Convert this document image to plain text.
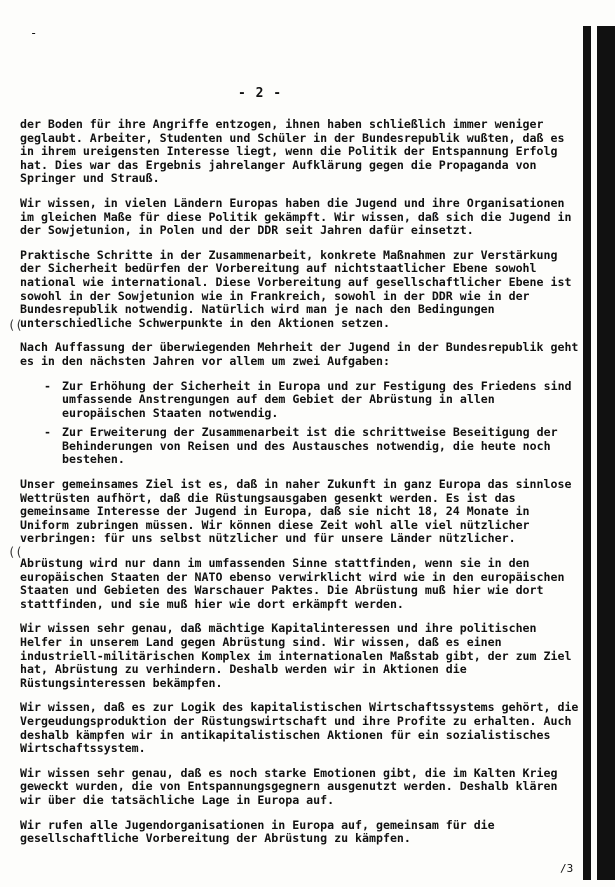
-
- 2 -
((
((

der Boden für ihre Angriffe entzogen, ihnen haben schließlich immer weniger geglaubt. Arbeiter, Studenten und Schüler in der Bundesrepublik wußten, daß es in ihrem ureigensten Interesse liegt, wenn die Politik der Entspannung Erfolg hat. Dies war das Ergebnis jahrelanger Aufklärung gegen die Propaganda von Springer und Strauß.

Wir wissen, in vielen Ländern Europas haben die Jugend und ihre Organisationen im gleichen Maße für diese Politik gekämpft. Wir wissen, daß sich die Jugend in der Sowjetunion, in Polen und der DDR seit Jahren dafür einsetzt.

Praktische Schritte in der Zusammenarbeit, konkrete Maßnahmen zur Verstärkung der Sicherheit bedürfen der Vorbereitung auf nichtstaatlicher Ebene sowohl national wie international. Diese Vorbereitung auf gesellschaftlicher Ebene ist sowohl in der Sowjetunion wie in Frankreich, sowohl in der DDR wie in der Bundesrepublik notwendig. Natürlich wird man je nach den Bedingungen unterschiedliche Schwerpunkte in den Aktionen setzen.

Nach Auffassung der überwiegenden Mehrheit der Jugend in der Bundesrepublik geht es in den nächsten Jahren vor allem um zwei Aufgaben:

- Zur Erhöhung der Sicherheit in Europa und zur Festigung des Friedens sind umfassende Anstrengungen auf dem Gebiet der Abrüstung in allen europäischen Staaten notwendig.
- Zur Erweiterung der Zusammenarbeit ist die schrittweise Beseitigung der Behinderungen von Reisen und des Austausches notwendig, die heute noch bestehen.

Unser gemeinsames Ziel ist es, daß in naher Zukunft in ganz Europa das sinnlose Wettrüsten aufhört, daß die Rüstungsausgaben gesenkt werden. Es ist das gemeinsame Interesse der Jugend in Europa, daß sie nicht 18, 24 Monate in Uniform zubringen müssen. Wir können diese Zeit wohl alle viel nützlicher verbringen: für uns selbst nützlicher und für unsere Länder nützlicher.

Abrüstung wird nur dann im umfassenden Sinne stattfinden, wenn sie in den europäischen Staaten der NATO ebenso verwirklicht wird wie in den europäischen Staaten und Gebieten des Warschauer Paktes. Die Abrüstung muß hier wie dort stattfinden, und sie muß hier wie dort erkämpft werden.

Wir wissen sehr genau, daß mächtige Kapitalinteressen und ihre politischen Helfer in unserem Land gegen Abrüstung sind. Wir wissen, daß es einen industriell-militärischen Komplex im internationalen Maßstab gibt, der zum Ziel hat, Abrüstung zu verhindern. Deshalb werden wir in Aktionen die Rüstungsinteressen bekämpfen.

Wir wissen, daß es zur Logik des kapitalistischen Wirtschaftssystems gehört, die Vergeudungsproduktion der Rüstungswirtschaft und ihre Profite zu erhalten. Auch deshalb kämpfen wir in antikapitalistischen Aktionen für ein sozialistisches Wirtschaftssystem.

Wir wissen sehr genau, daß es noch starke Emotionen gibt, die im Kalten Krieg geweckt wurden, die von Entspannungsgegnern ausgenutzt werden. Deshalb klären wir über die tatsächliche Lage in Europa auf.

Wir rufen alle Jugendorganisationen in Europa auf, gemeinsam für die gesellschaftliche Vorbereitung der Abrüstung zu kämpfen.

/3
